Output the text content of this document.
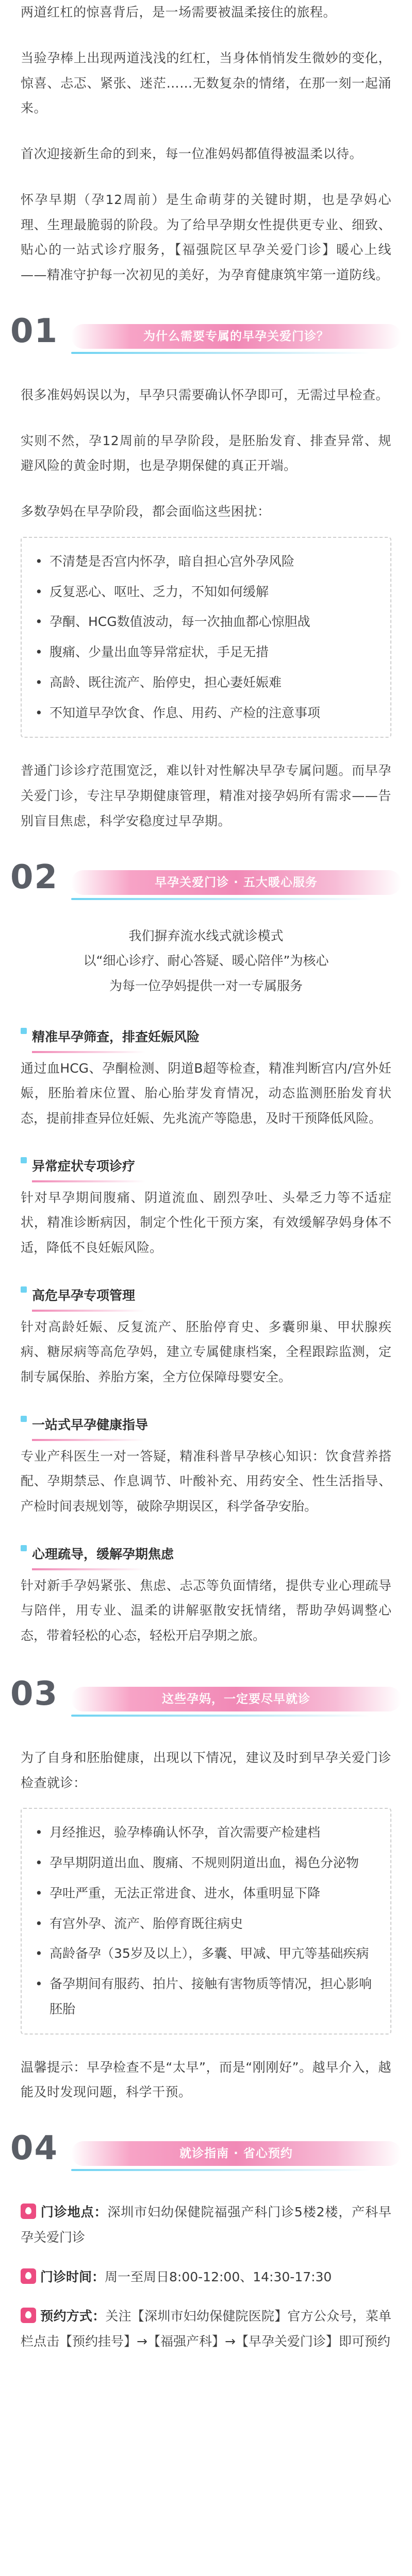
两道红杠的惊喜背后，是一场需要被温柔接住的旅程。

当验孕棒上出现两道浅浅的红杠，当身体悄悄发生微妙的变化，惊喜、忐忑、紧张、迷茫……无数复杂的情绪，在那一刻一起涌来。

首次迎接新生命的到来，每一位准妈妈都值得被温柔以待。

怀孕早期（孕12周前）是生命萌芽的关键时期，也是孕妈心理、生理最脆弱的阶段。为了给早孕期女性提供更专业、细致、贴心的一站式诊疗服务，【福强院区早孕关爱门诊】暖心上线——精准守护每一次初见的美好，为孕育健康筑牢第一道防线。

01	为什么需要专属的早孕关爱门诊？

很多准妈妈误以为，早孕只需要确认怀孕即可，无需过早检查。

实则不然，孕12周前的早孕阶段，是胚胎发育、排查异常、规避风险的黄金时期，也是孕期保健的真正开端。

多数孕妈在早孕阶段，都会面临这些困扰：

• 不清楚是否宫内怀孕，暗自担心宫外孕风险
• 反复恶心、呕吐、乏力，不知如何缓解
• 孕酮、HCG数值波动，每一次抽血都心惊胆战
• 腹痛、少量出血等异常症状，手足无措
• 高龄、既往流产、胎停史，担心妻妊娠难
• 不知道早孕饮食、作息、用药、产检的注意事项

普通门诊诊疗范围宽泛，难以针对性解决早孕专属问题。而早孕关爱门诊，专注早孕期健康管理，精准对接孕妈所有需求——告别盲目焦虑，科学安稳度过早孕期。

02	早孕关爱门诊 · 五大暖心服务

我们摒弃流水线式就诊模式
以“细心诊疗、耐心答疑、暖心陪伴”为核心
为每一位孕妈提供一对一专属服务

精准早孕筛查，排查妊娠风险
通过血HCG、孕酮检测、阴道B超等检查，精准判断宫内/宫外妊娠，胚胎着床位置、胎心胎芽发育情况，动态监测胚胎发育状态，提前排查异位妊娠、先兆流产等隐患，及时干预降低风险。
异常症状专项诊疗
针对早孕期间腹痛、阴道流血、剧烈孕吐、头晕乏力等不适症状，精准诊断病因，制定个性化干预方案，有效缓解孕妈身体不适，降低不良妊娠风险。
高危早孕专项管理
针对高龄妊娠、反复流产、胚胎停育史、多囊卵巢、甲状腺疾病、糖尿病等高危孕妈，建立专属健康档案，全程跟踪监测，定制专属保胎、养胎方案，全方位保障母婴安全。
一站式早孕健康指导
专业产科医生一对一答疑，精准科普早孕核心知识：饮食营养搭配、孕期禁忌、作息调节、叶酸补充、用药安全、性生活指导、产检时间表规划等，破除孕期误区，科学备孕安胎。
心理疏导，缓解孕期焦虑
针对新手孕妈紧张、焦虑、忐忑等负面情绪，提供专业心理疏导与陪伴，用专业、温柔的讲解驱散安抚情绪，帮助孕妈调整心态，带着轻松的心态，轻松开启孕期之旅。
03	这些孕妈，一定要尽早就诊

为了自身和胚胎健康，出现以下情况，建议及时到早孕关爱门诊检查就诊：

• 月经推迟，验孕棒确认怀孕，首次需要产检建档
• 孕早期阴道出血、腹痛、不规则阴道出血，褐色分泌物
• 孕吐严重，无法正常进食、进水，体重明显下降
• 有宫外孕、流产、胎停育既往病史
• 高龄备孕（35岁及以上），多囊、甲减、甲亢等基础疾病
• 备孕期间有服药、拍片、接触有害物质等情况，担心影响胚胎

温馨提示：早孕检查不是“太早”，而是“刚刚好”。越早介入，越能及时发现问题，科学干预。

04	就诊指南 · 省心预约
门诊地点：深圳市妇幼保健院福强产科门诊5楼2楼，产科早孕关爱门诊
门诊时间：周一至周日8:00-12:00、14:30-17:30
预约方式：关注【深圳市妇幼保健院医院】官方公众号，菜单栏点击【预约挂号】→【福强产科】→【早孕关爱门诊】即可预约
